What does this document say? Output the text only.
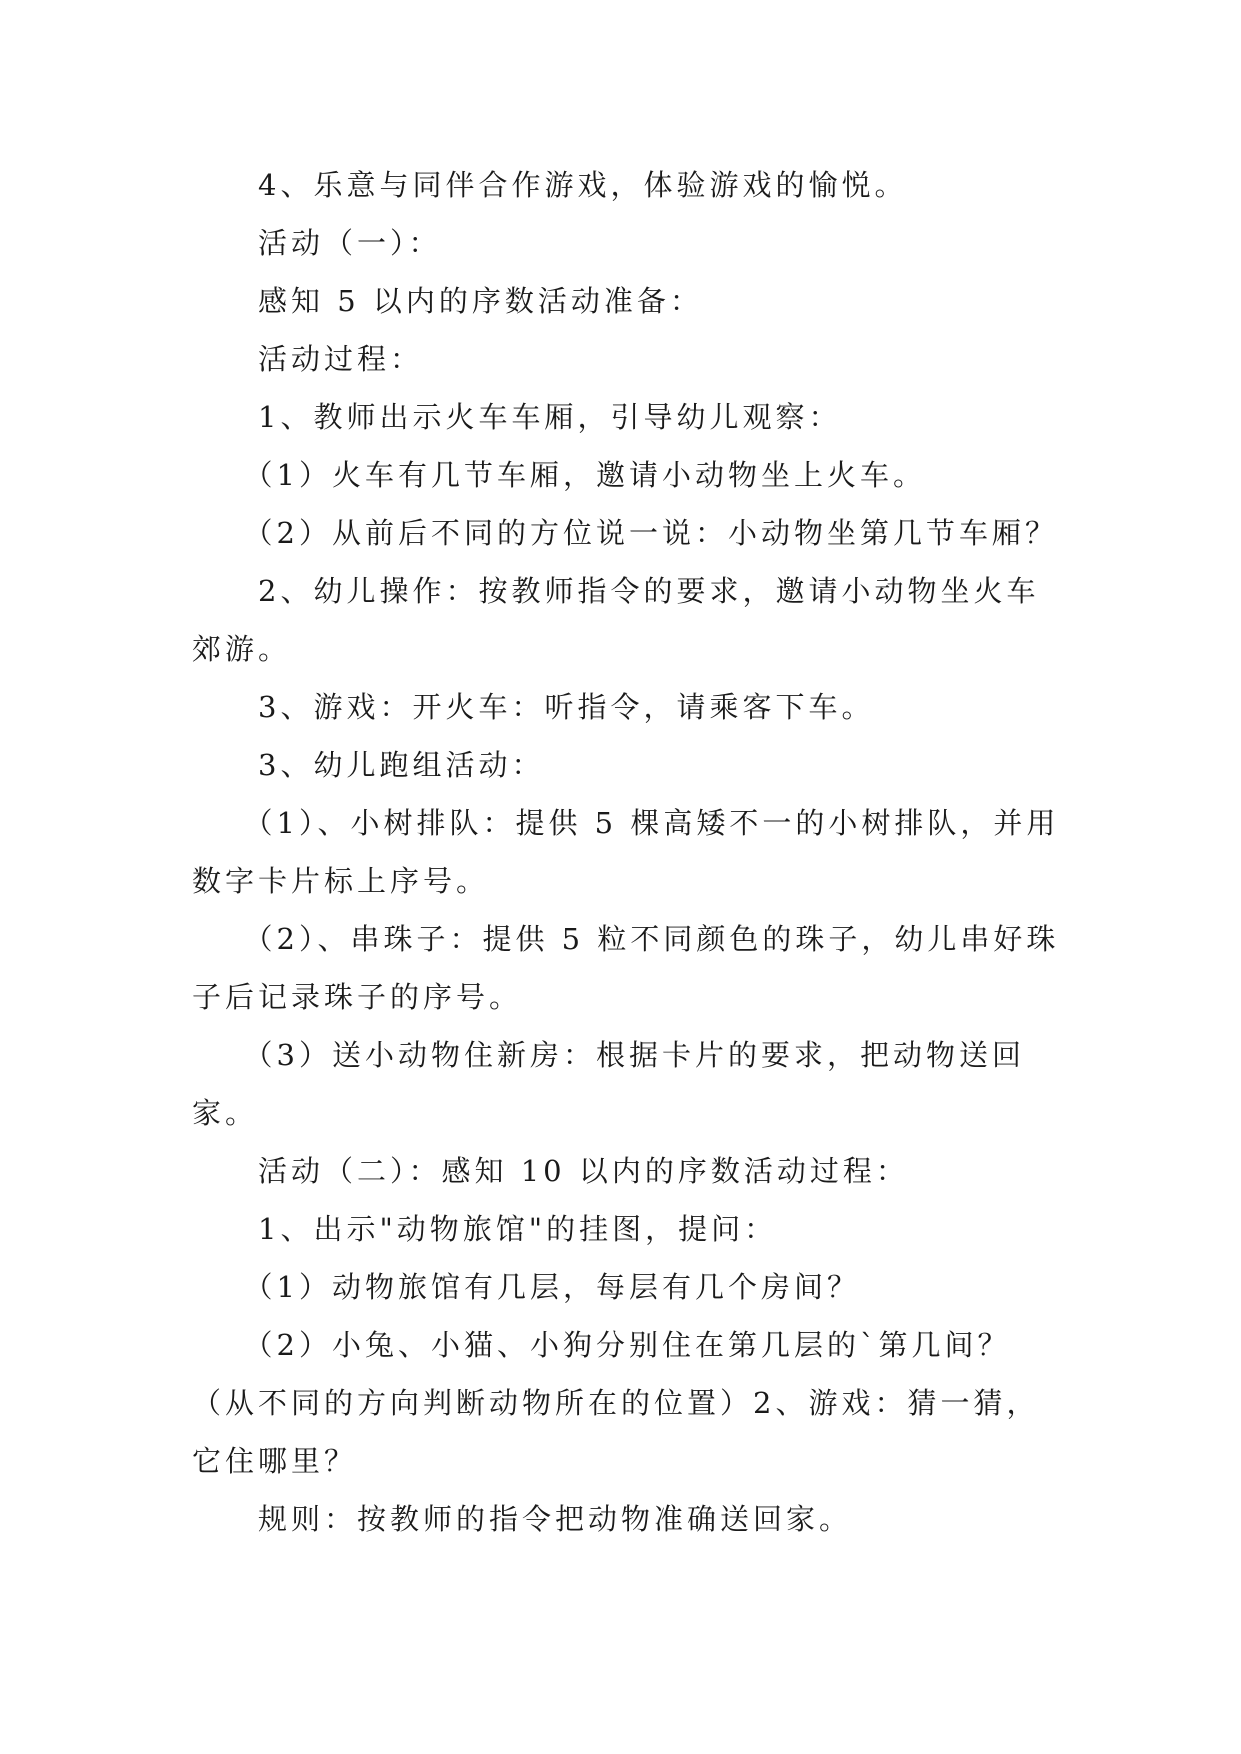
　　4、乐意与同伴合作游戏，体验游戏的愉悦。
　　活动（一）：
　　感知 5 以内的序数活动准备：
　　活动过程：
　　1、教师出示火车车厢，引导幼儿观察：
　　（1）火车有几节车厢，邀请小动物坐上火车。
　　（2）从前后不同的方位说一说：小动物坐第几节车厢？
　　2、幼儿操作：按教师指令的要求，邀请小动物坐火车
郊游。
　　3、游戏：开火车：听指令，请乘客下车。
　　3、幼儿跑组活动：
　　（1）、小树排队：提供 5 棵高矮不一的小树排队，并用
数字卡片标上序号。
　　（2）、串珠子：提供 5 粒不同颜色的珠子，幼儿串好珠
子后记录珠子的序号。
　　（3）送小动物住新房：根据卡片的要求，把动物送回
家。
　　活动（二）：感知 10 以内的序数活动过程：
　　1、出示"动物旅馆"的挂图，提问：
　　（1）动物旅馆有几层，每层有几个房间？
　　（2）小兔、小猫、小狗分别住在第几层的`第几间？
（从不同的方向判断动物所在的位置）2、游戏：猜一猜，
它住哪里？
　　规则：按教师的指令把动物准确送回家。
